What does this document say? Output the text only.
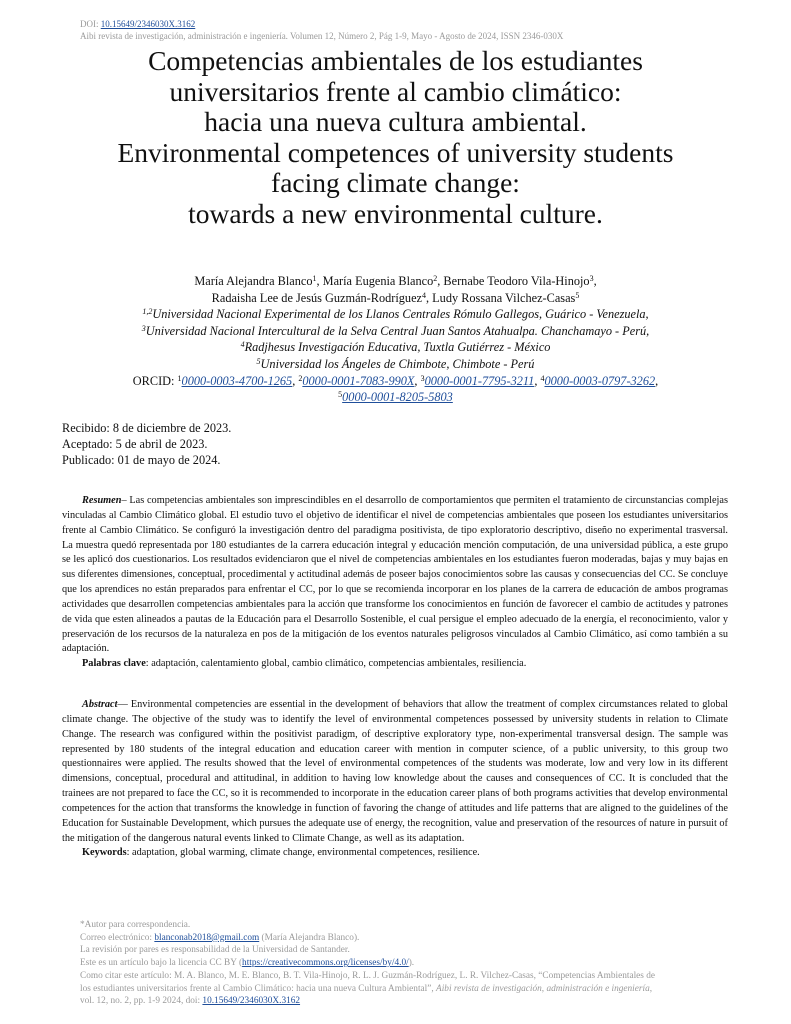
DOI: 10.15649/2346030X.3162
Aibi revista de investigación, administración e ingeniería. Volumen 12, Número 2, Pág 1-9, Mayo - Agosto de 2024, ISSN 2346-030X
Competencias ambientales de los estudiantes
universitarios frente al cambio climático:
hacia una nueva cultura ambiental.
Environmental competences of university students
facing climate change:
towards a new environmental culture.
María Alejandra Blanco$^1$, María Eugenia Blanco$^2$, Bernabe Teodoro Vila-Hinojo$^3$,
Radaisha Lee de Jesús Guzmán-Rodríguez$^4$, Ludy Rossana Vilchez-Casas$^5$
$^{1,2}$Universidad Nacional Experimental de los Llanos Centrales Rómulo Gallegos, Guárico - Venezuela,
$^3$Universidad Nacional Intercultural de la Selva Central Juan Santos Atahualpa. Chanchamayo - Perú,
$^4$Radjhesus Investigación Educativa, Tuxtla Gutiérrez - México
$^5$Universidad los Ángeles de Chimbote, Chimbote - Perú
ORCID: $^1$0000-0003-4700-1265, $^2$0000-0001-7083-990X, $^3$0000-0001-7795-3211, $^4$0000-0003-0797-3262,
$^5$0000-0001-8205-5803
Recibido: 8 de diciembre de 2023.
Aceptado: 5 de abril de 2023.
Publicado: 01 de mayo de 2024.

Resumen– Las competencias ambientales son imprescindibles en el desarrollo de comportamientos que permiten el tratamiento de circunstancias complejas vinculadas al Cambio Climático global. El estudio tuvo el objetivo de identificar el nivel de competencias ambientales que poseen los estudiantes universitarios frente al Cambio Climático. Se configuró la investigación dentro del paradigma positivista, de tipo exploratorio descriptivo, diseño no experimental trasversal. La muestra quedó representada por 180 estudiantes de la carrera educación integral y educación mención computación, de una universidad pública, a este grupo se les aplicó dos cuestionarios. Los resultados evidenciaron que el nivel de competencias ambientales en los estudiantes fueron moderadas, bajas y muy bajas en sus diferentes dimensiones, conceptual, procedimental y actitudinal además de poseer bajos conocimientos sobre las causas y consecuencias del CC. Se concluye que los aprendices no están preparados para enfrentar el CC, por lo que se recomienda incorporar en los planes de la carrera de educación de ambos programas actividades que desarrollen competencias ambientales para la acción que transforme los conocimientos en función de favorecer el cambio de actitudes y patrones de vida que esten alineados a pautas de la Educación para el Desarrollo Sostenible, el cual persigue el empleo adecuado de la energía, el reconocimiento, valor y preservación de los recursos de la naturaleza en pos de la mitigación de los eventos naturales peligrosos vinculados al Cambio Climático, así como también a su adaptación.

Palabras clave: adaptación, calentamiento global, cambio climático, competencias ambientales, resiliencia.

Abstract— Environmental competencies are essential in the development of behaviors that allow the treatment of complex circumstances related to global climate change. The objective of the study was to identify the level of environmental competences possessed by university students in relation to Climate Change. The research was configured within the positivist paradigm, of descriptive exploratory type, non-experimental transversal design. The sample was represented by 180 students of the integral education and education career with mention in computer science, of a public university, to this group two questionnaires were applied. The results showed that the level of environmental competences of the students was moderate, low and very low in its different dimensions, conceptual, procedural and attitudinal, in addition to having low knowledge about the causes and consequences of CC. It is concluded that the trainees are not prepared to face the CC, so it is recommended to incorporate in the education career plans of both programs activities that develop environmental competences for the action that transforms the knowledge in function of favoring the change of attitudes and life patterns that are aligned to the guidelines of the Education for Sustainable Development, which pursues the adequate use of energy, the recognition, value and preservation of the resources of nature in pursuit of the mitigation of the dangerous natural events linked to Climate Change, as well as its adaptation.

Keywords: adaptation, global warming, climate change, environmental competences, resilience.

*Autor para correspondencia.
Correo electrónico: blanconab2018@gmail.com (María Alejandra Blanco).
La revisión por pares es responsabilidad de la Universidad de Santander.
Este es un artículo bajo la licencia CC BY (https://creativecommons.org/licenses/by/4.0/).
Como citar este artículo: M. A. Blanco, M. E. Blanco, B. T. Vila-Hinojo, R. L. J. Guzmán-Rodríguez, L. R. Vilchez-Casas, “Competencias Ambientales de
los estudiantes universitarios frente al Cambio Climático: hacia una nueva Cultura Ambiental”, Aibi revista de investigación, administración e ingeniería,
vol. 12, no. 2, pp. 1-9 2024, doi: 10.15649/2346030X.3162
